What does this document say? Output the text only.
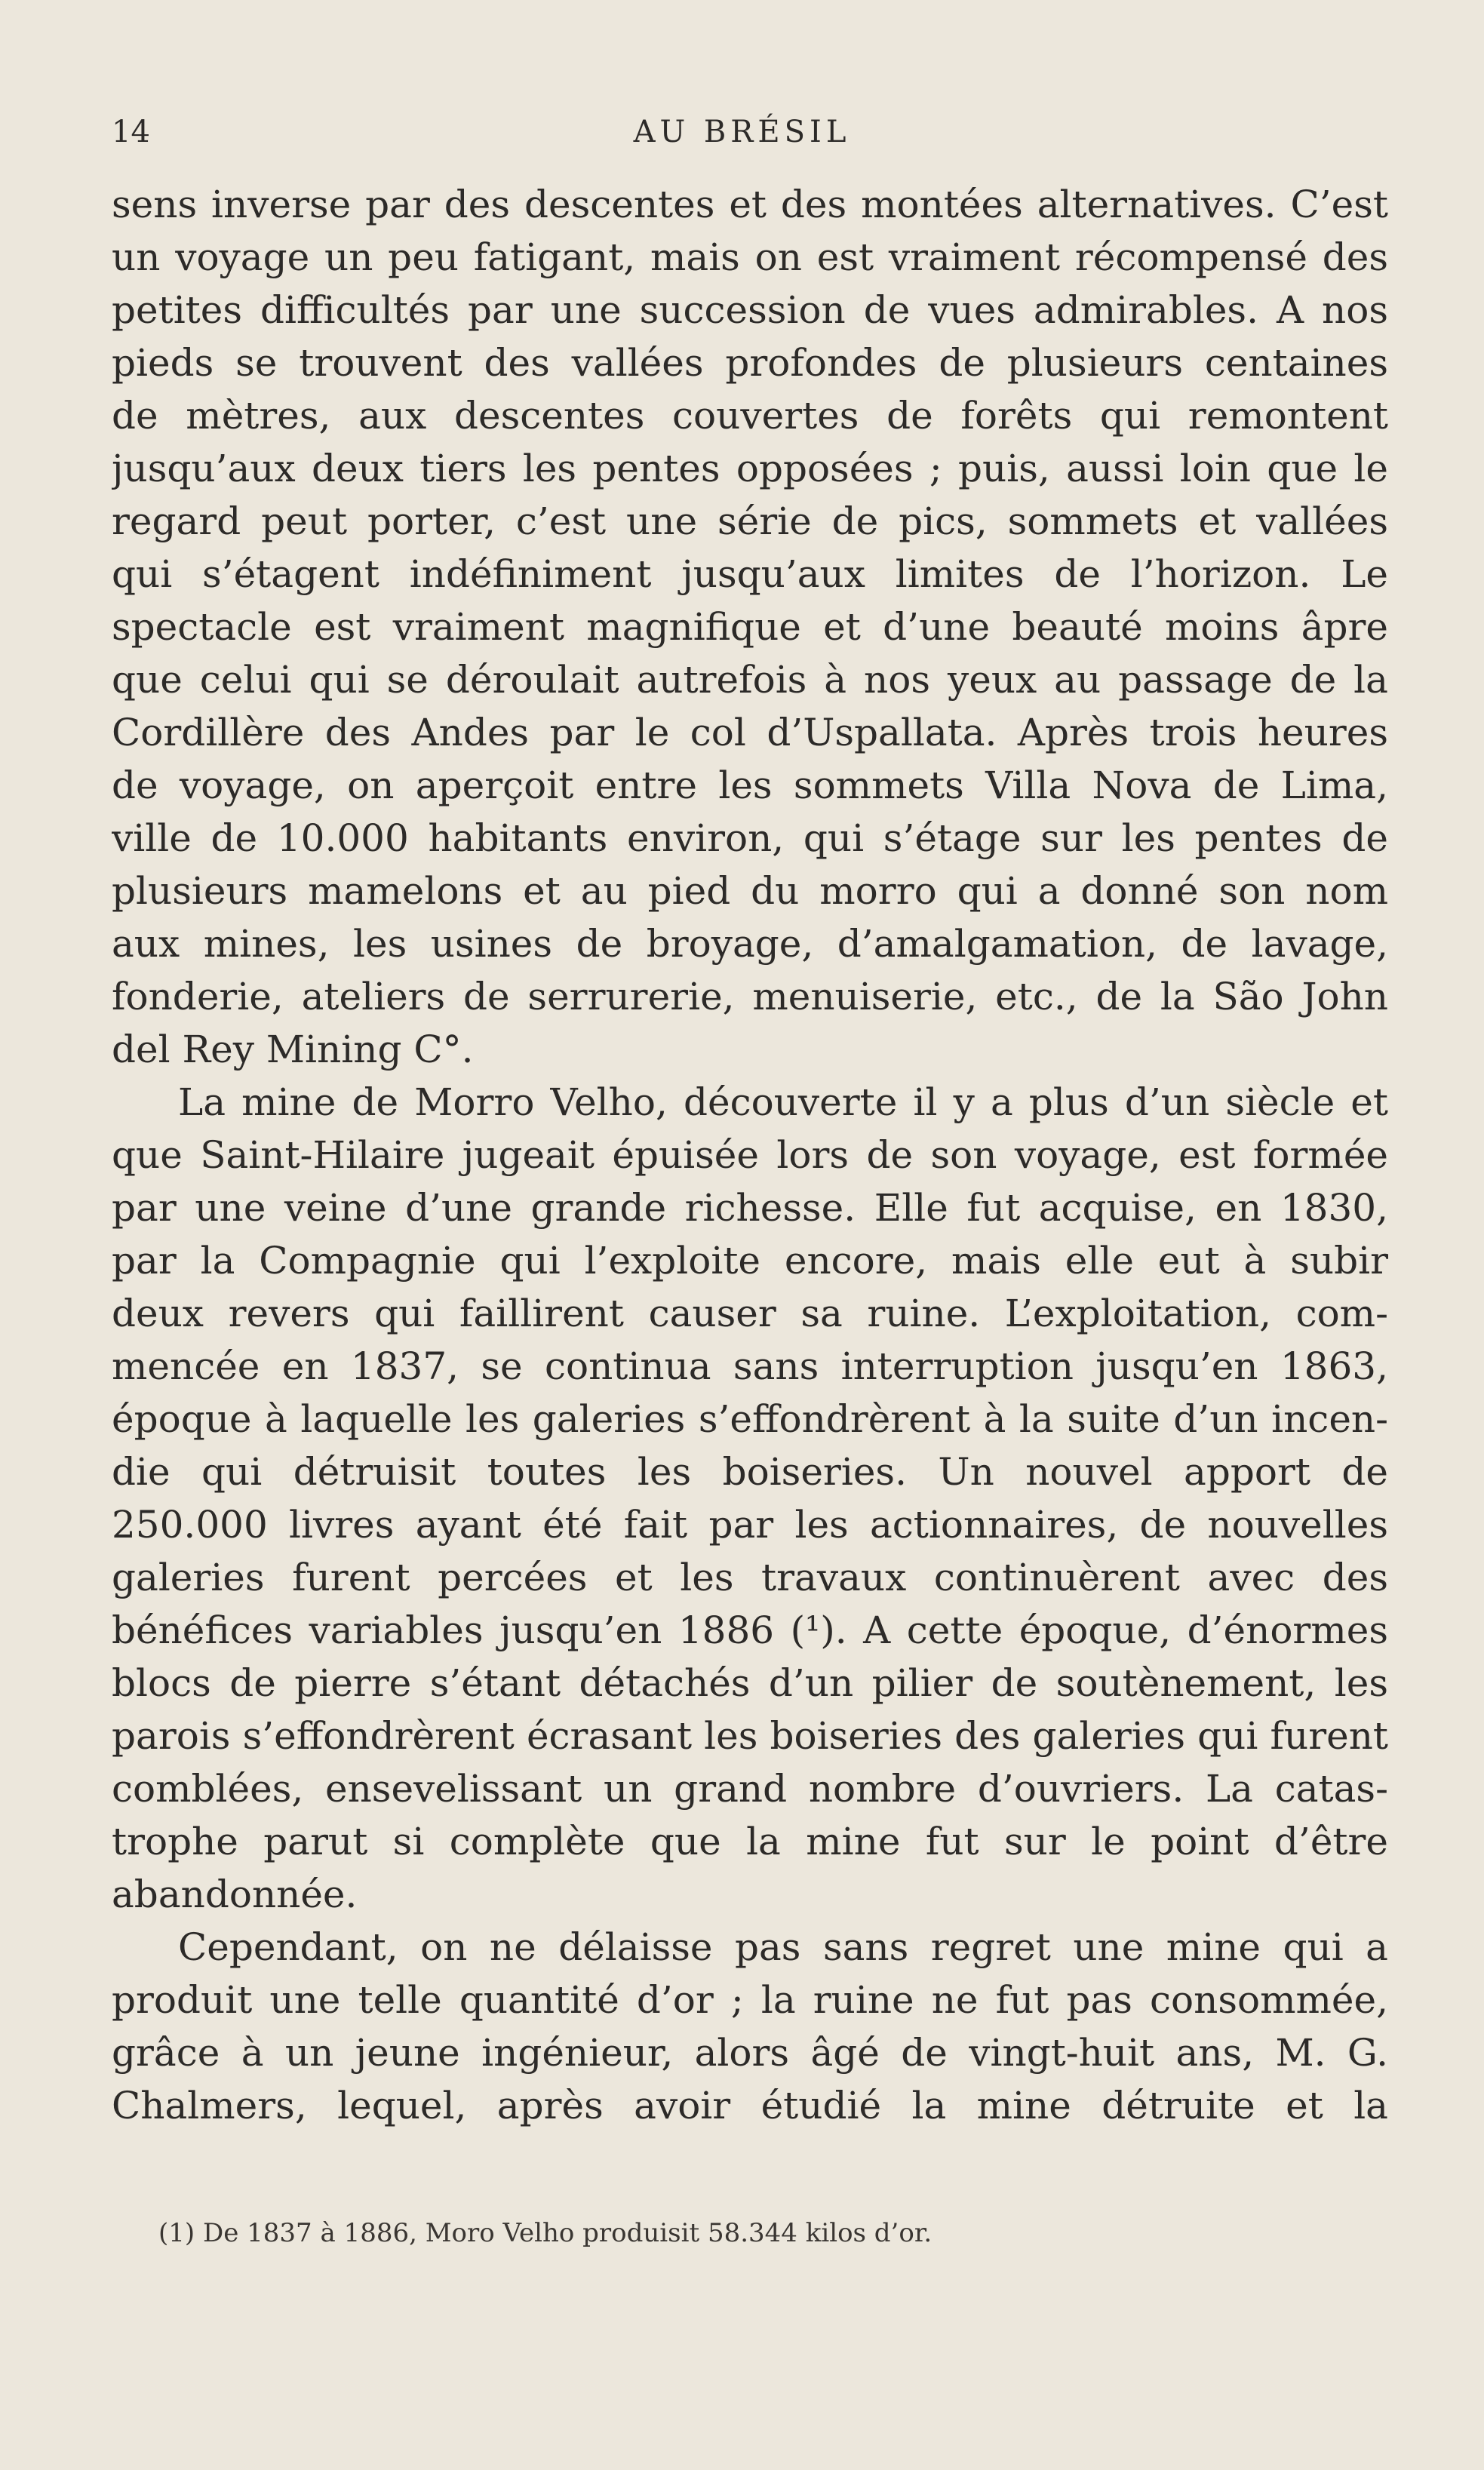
14	AU BRÉSIL
sens inverse par des descentes et des montées alternatives. C’est
un voyage un peu fatigant, mais on est vraiment récompensé des
petites difficultés par une succession de vues admirables. A nos
pieds se trouvent des vallées profondes de plusieurs centaines
de mètres, aux descentes couvertes de forêts qui remontent
jusqu’aux deux tiers les pentes opposées ; puis, aussi loin que le
regard peut porter, c’est une série de pics, sommets et vallées
qui s’étagent indéfiniment jusqu’aux limites de l’horizon. Le
spectacle est vraiment magnifique et d’une beauté moins âpre
que celui qui se déroulait autrefois à nos yeux au passage de la
Cordillère des Andes par le col d’Uspallata. Après trois heures
de voyage, on aperçoit entre les sommets Villa Nova de Lima,
ville de 10.000 habitants environ, qui s’étage sur les pentes de
plusieurs mamelons et au pied du morro qui a donné son nom
aux mines, les usines de broyage, d’amalgamation, de lavage,
fonderie, ateliers de serrurerie, menuiserie, etc., de la São John
del Rey Mining C°.
La mine de Morro Velho, découverte il y a plus d’un siècle et
que Saint-Hilaire jugeait épuisée lors de son voyage, est formée
par une veine d’une grande richesse. Elle fut acquise, en 1830,
par la Compagnie qui l’exploite encore, mais elle eut à subir
deux revers qui faillirent causer sa ruine. L’exploitation, com-
mencée en 1837, se continua sans interruption jusqu’en 1863,
époque à laquelle les galeries s’effondrèrent à la suite d’un incen-
die qui détruisit toutes les boiseries. Un nouvel apport de
250.000 livres ayant été fait par les actionnaires, de nouvelles
galeries furent percées et les travaux continuèrent avec des
bénéfices variables jusqu’en 1886 (¹). A cette époque, d’énormes
blocs de pierre s’étant détachés d’un pilier de soutènement, les
parois s’effondrèrent écrasant les boiseries des galeries qui furent
comblées, ensevelissant un grand nombre d’ouvriers. La catas-
trophe parut si complète que la mine fut sur le point d’être
abandonnée.
Cependant, on ne délaisse pas sans regret une mine qui a
produit une telle quantité d’or ; la ruine ne fut pas consommée,
grâce à un jeune ingénieur, alors âgé de vingt-huit ans, M. G.
Chalmers, lequel, après avoir étudié la mine détruite et la
(1) De 1837 à 1886, Moro Velho produisit 58.344 kilos d’or.
